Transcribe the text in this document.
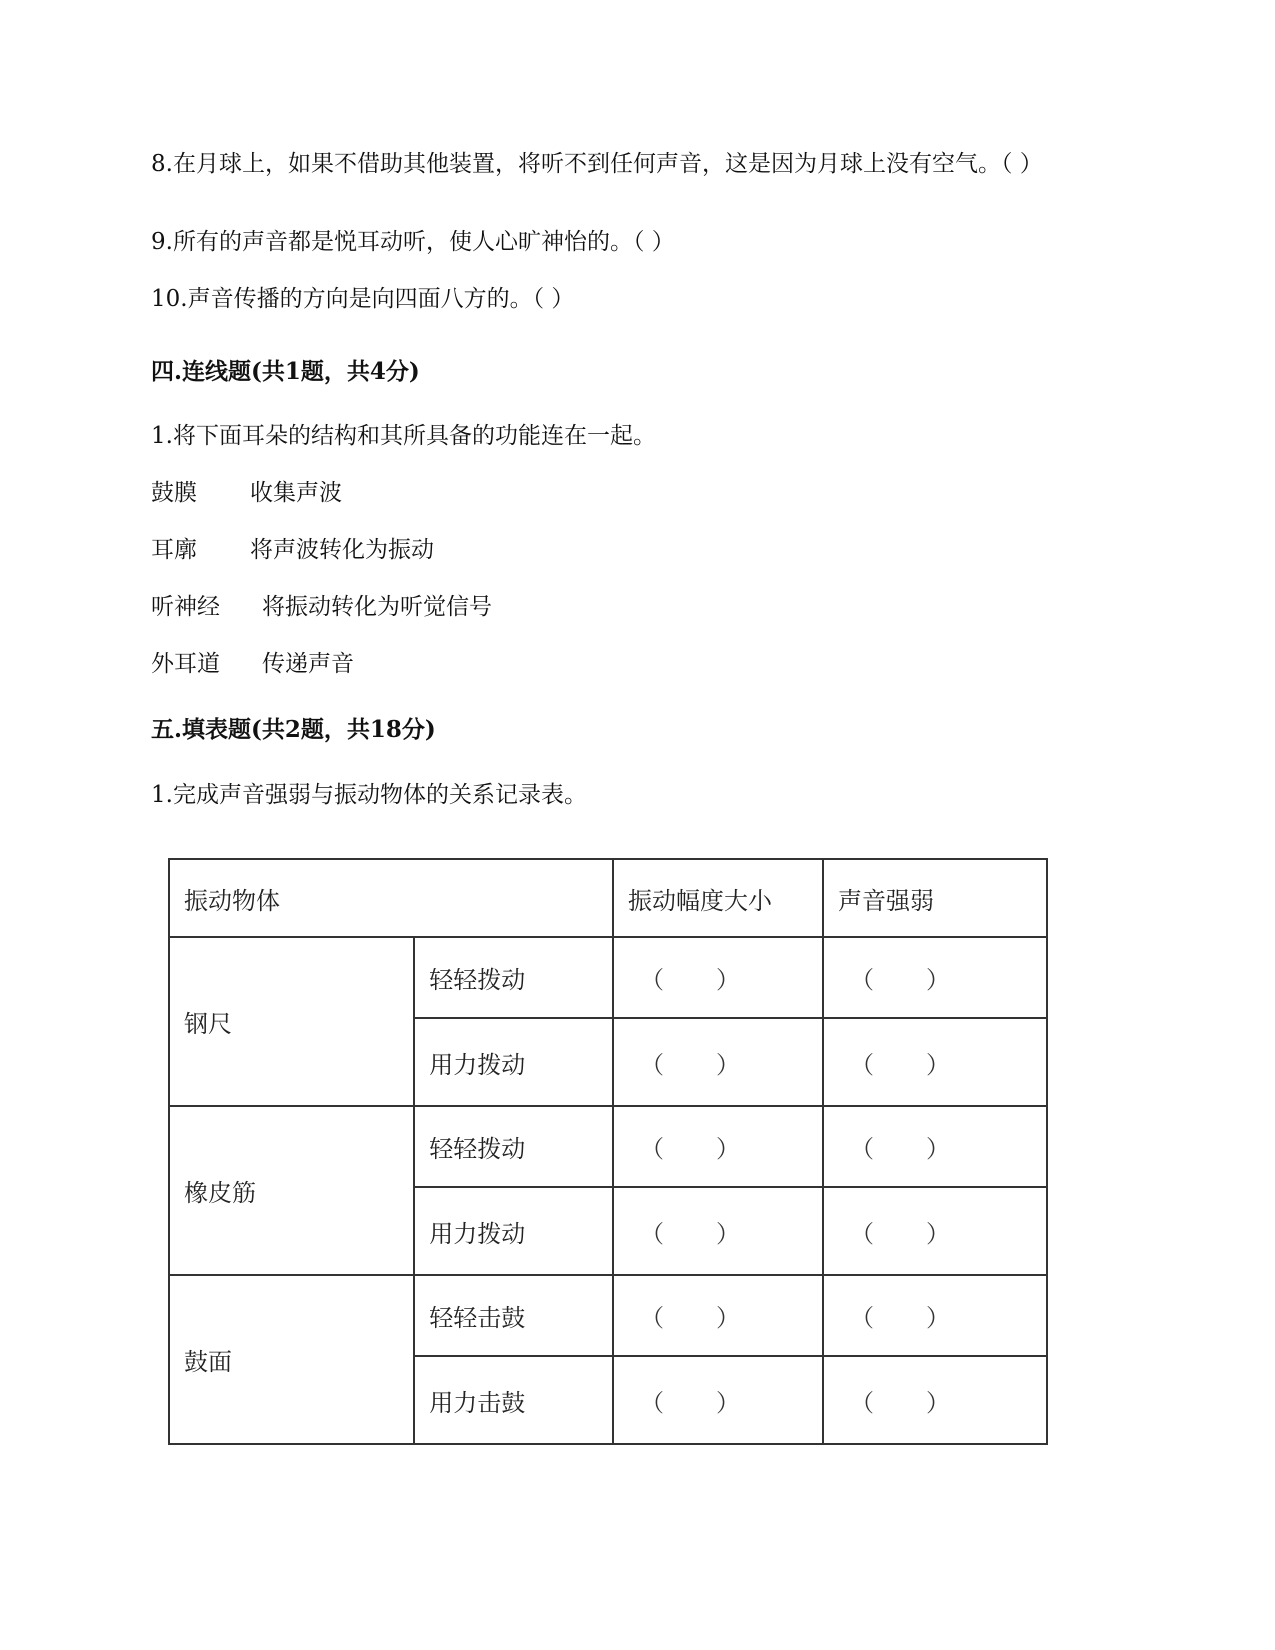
8.在月球上，如果不借助其他装置，将听不到任何声音，这是因为月球上没有空气。（ ）
9.所有的声音都是悦耳动听，使人心旷神怡的。（ ）
10.声音传播的方向是向四面八方的。（ ）
四.连线题(共1题，共4分)
1.将下面耳朵的结构和其所具备的功能连在一起。
鼓膜	收集声波
耳廓	将声波转化为振动
听神经	将振动转化为听觉信号
外耳道	传递声音
五.填表题(共2题，共18分)
1.完成声音强弱与振动物体的关系记录表。
振动物体		振动幅度大小	声音强弱
钢尺	轻轻拨动	（ ）	（ ）

	用力拨动	（ ）	（ ）

橡皮筋	轻轻拨动	（ ）	（ ）

	用力拨动	（ ）	（ ）

鼓面	轻轻击鼓	（ ）	（ ）

	用力击鼓	（ ）	（ ）
